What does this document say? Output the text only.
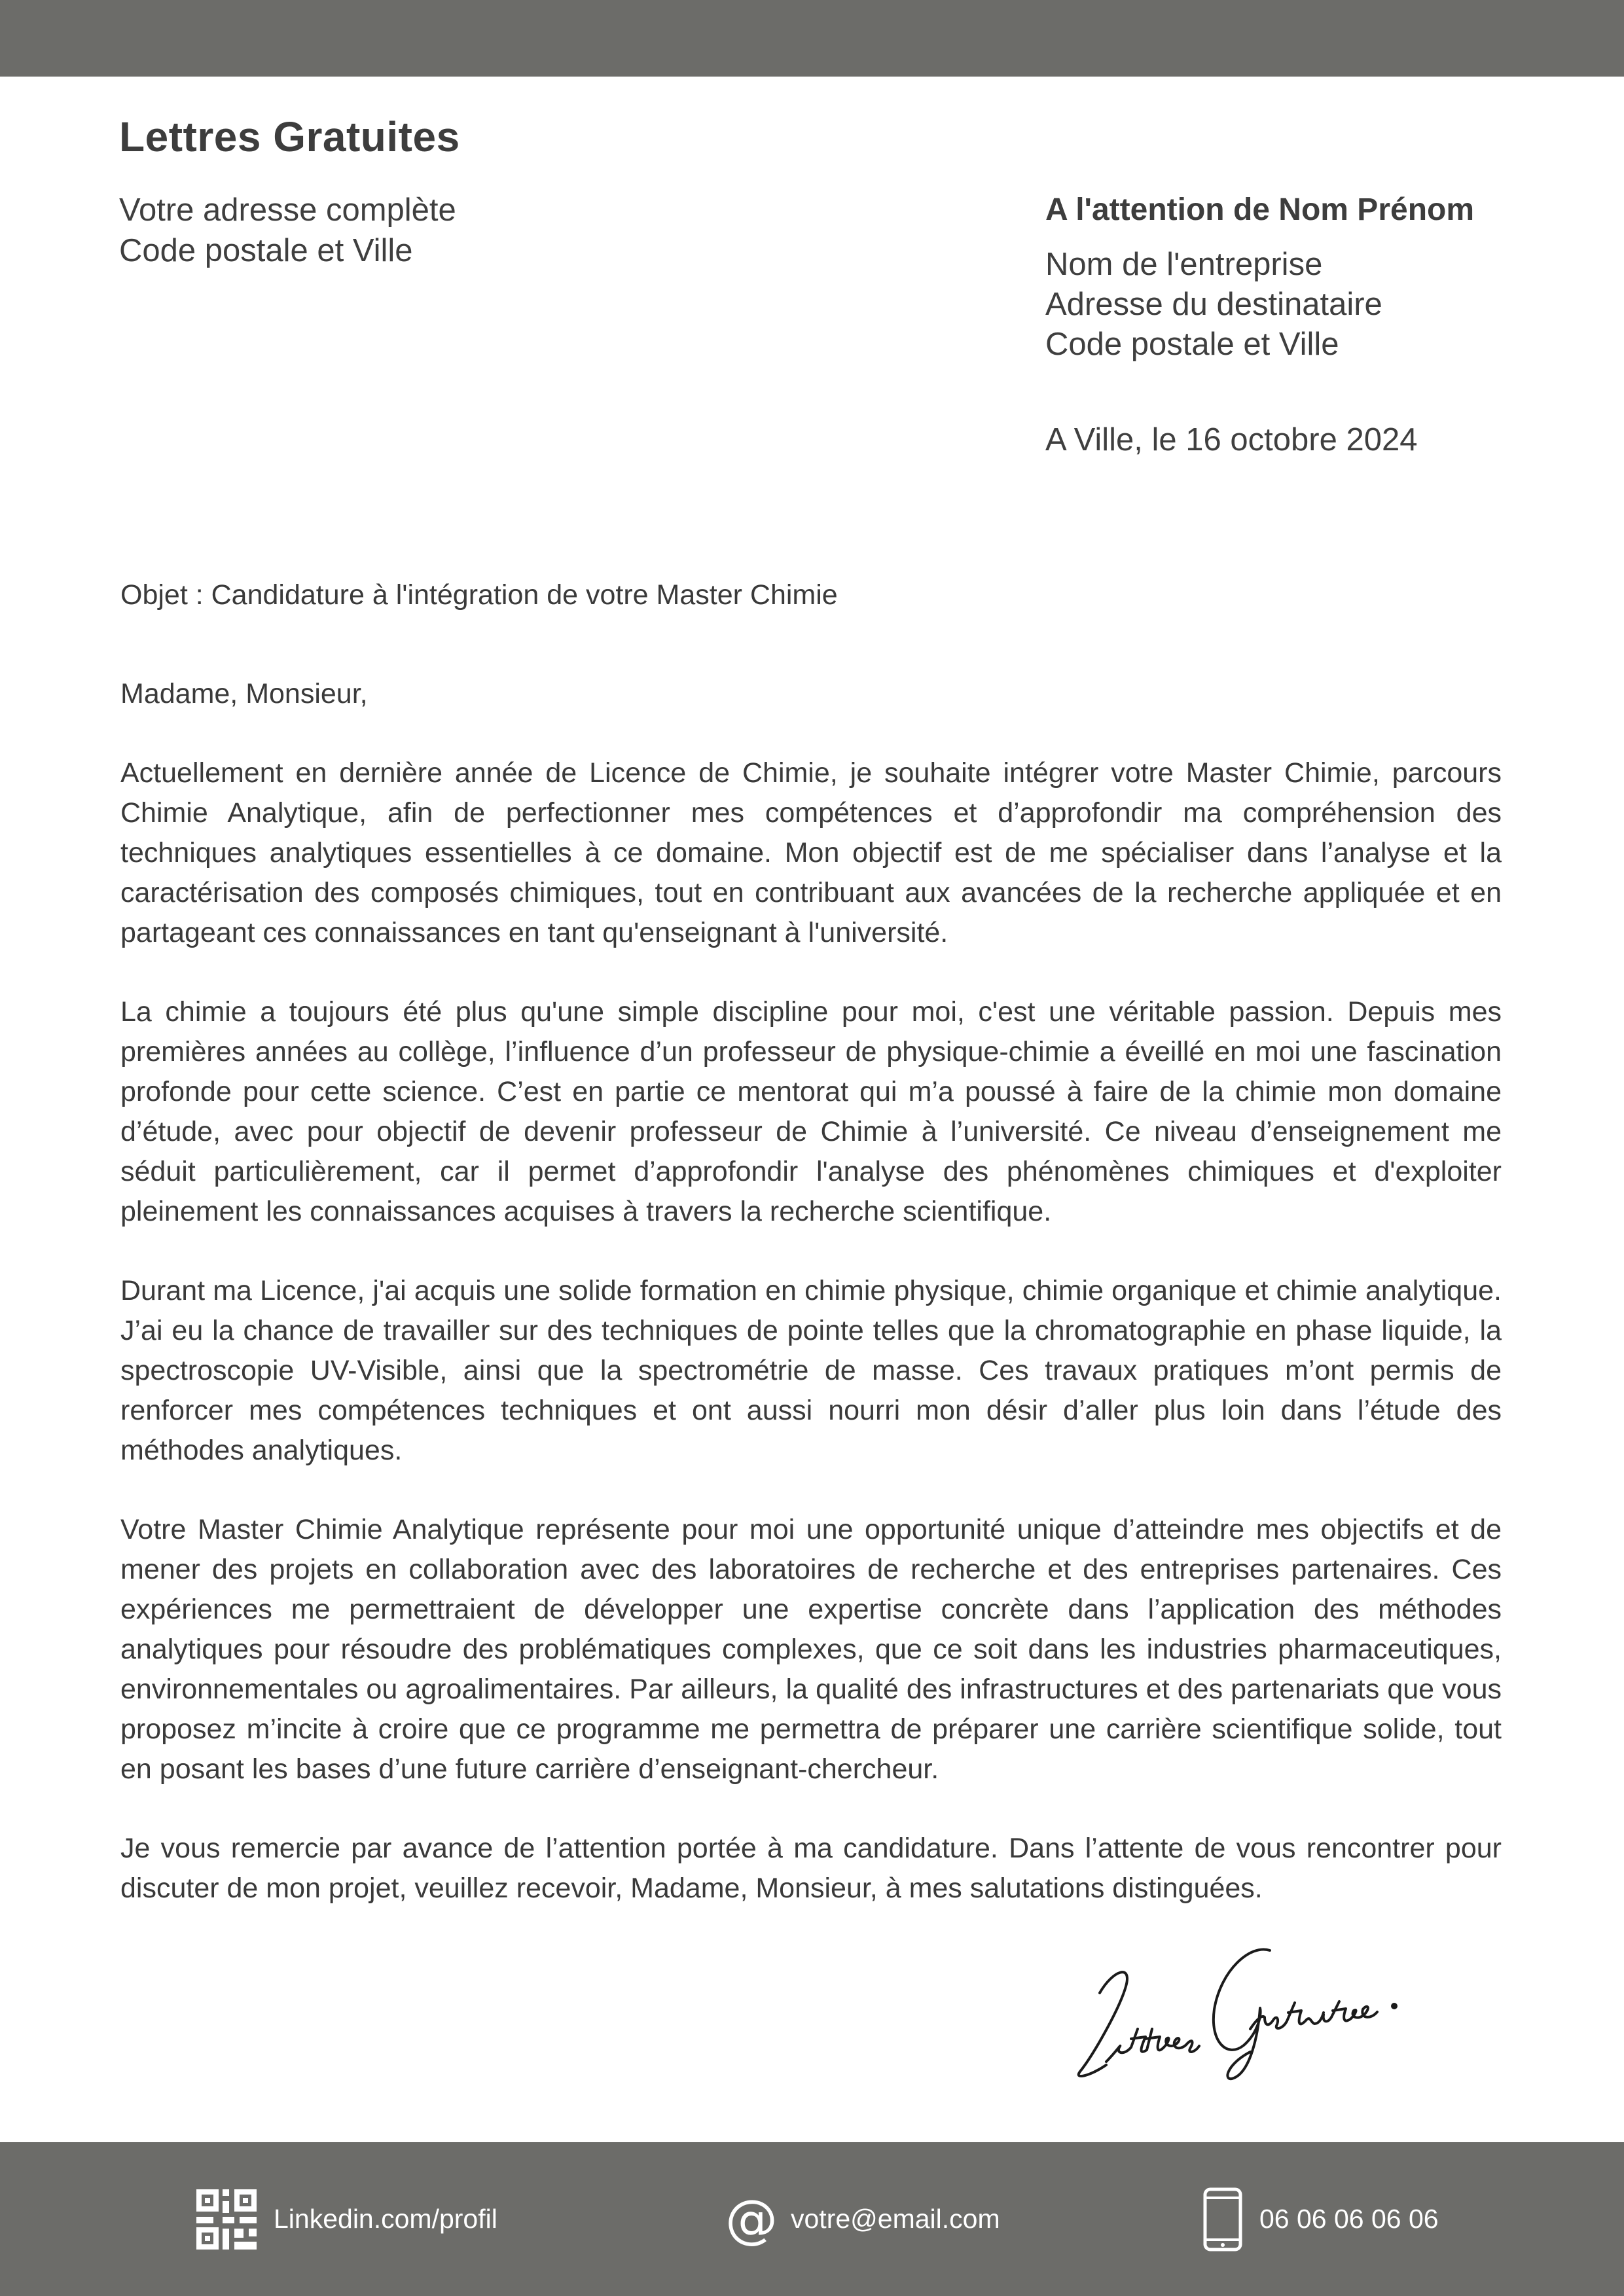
Lettres Gratuites
Votre adresse complète
Code postale et Ville
A l'attention de Nom Prénom
Nom de l'entreprise
Adresse du destinataire
Code postale et Ville
A Ville, le 16 octobre 2024
Objet : Candidature à l'intégration de votre Master Chimie

Madame, Monsieur,

Actuellement en dernière année de Licence de Chimie, je souhaite intégrer votre Master Chimie, parcours Chimie Analytique, afin de perfectionner mes compétences et d’approfondir ma compréhension des techniques analytiques essentielles à ce domaine. Mon objectif est de me spécialiser dans l’analyse et la caractérisation des composés chimiques, tout en contribuant aux avancées de la recherche appliquée et en partageant ces connaissances en tant qu'enseignant à l'université.

La chimie a toujours été plus qu'une simple discipline pour moi, c'est une véritable passion. Depuis mes premières années au collège, l’influence d’un professeur de physique-chimie a éveillé en moi une fascination profonde pour cette science. C’est en partie ce mentorat qui m’a poussé à faire de la chimie mon domaine d’étude, avec pour objectif de devenir professeur de Chimie à l’université. Ce niveau d’enseignement me séduit particulièrement, car il permet d’approfondir l'analyse des phénomènes chimiques et d'exploiter pleinement les connaissances acquises à travers la recherche scientifique.

Durant ma Licence, j'ai acquis une solide formation en chimie physique, chimie organique et chimie analytique. J’ai eu la chance de travailler sur des techniques de pointe telles que la chromatographie en phase liquide, la spectroscopie UV-Visible, ainsi que la spectrométrie de masse. Ces travaux pratiques m’ont permis de renforcer mes compétences techniques et ont aussi nourri mon désir d’aller plus loin dans l’étude des méthodes analytiques.

Votre Master Chimie Analytique représente pour moi une opportunité unique d’atteindre mes objectifs et de mener des projets en collaboration avec des laboratoires de recherche et des entreprises partenaires. Ces expériences me permettraient de développer une expertise concrète dans l’application des méthodes analytiques pour résoudre des problématiques complexes, que ce soit dans les industries pharmaceutiques, environnementales ou agroalimentaires. Par ailleurs, la qualité des infrastructures et des partenariats que vous proposez m’incite à croire que ce programme me permettra de préparer une carrière scientifique solide, tout en posant les bases d’une future carrière d’enseignant-chercheur.

Je vous remercie par avance de l’attention portée à ma candidature. Dans l’attente de vous rencontrer pour discuter de mon projet, veuillez recevoir, Madame, Monsieur, à mes salutations distinguées.

Linkedin.com/profil	@ votre@email.com	06 06 06 06 06
